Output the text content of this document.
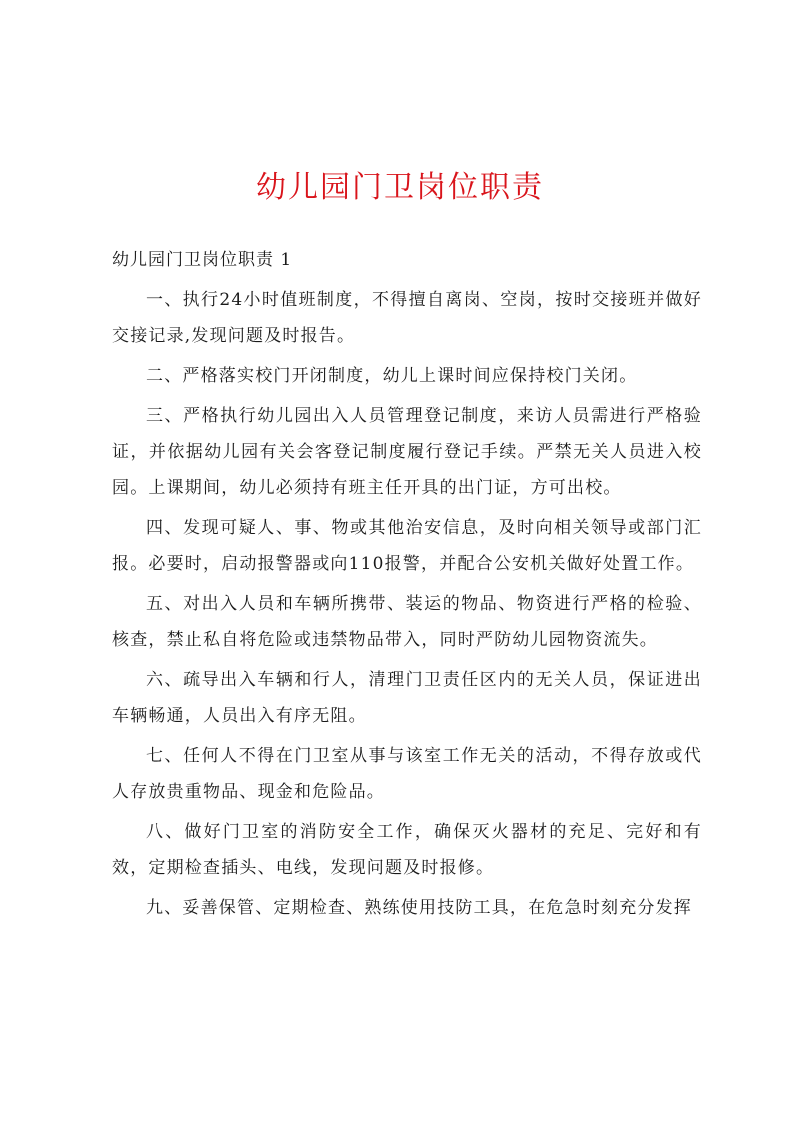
幼儿园门卫岗位职责

幼儿园门卫岗位职责 1

一、执行24小时值班制度，不得擅自离岗、空岗，按时交接班并做好交接记录,发现问题及时报告。

二、严格落实校门开闭制度，幼儿上课时间应保持校门关闭。

三、严格执行幼儿园出入人员管理登记制度，来访人员需进行严格验证，并依据幼儿园有关会客登记制度履行登记手续。严禁无关人员进入校园。上课期间，幼儿必须持有班主任开具的出门证，方可出校。

四、发现可疑人、事、物或其他治安信息，及时向相关领导或部门汇报。必要时，启动报警器或向110报警，并配合公安机关做好处置工作。

五、对出入人员和车辆所携带、装运的物品、物资进行严格的检验、核查，禁止私自将危险或违禁物品带入，同时严防幼儿园物资流失。

六、疏导出入车辆和行人，清理门卫责任区内的无关人员，保证进出车辆畅通，人员出入有序无阻。

七、任何人不得在门卫室从事与该室工作无关的活动，不得存放或代人存放贵重物品、现金和危险品。

八、做好门卫室的消防安全工作，确保灭火器材的充足、完好和有效，定期检查插头、电线，发现问题及时报修。

九、妥善保管、定期检查、熟练使用技防工具，在危急时刻充分发挥
